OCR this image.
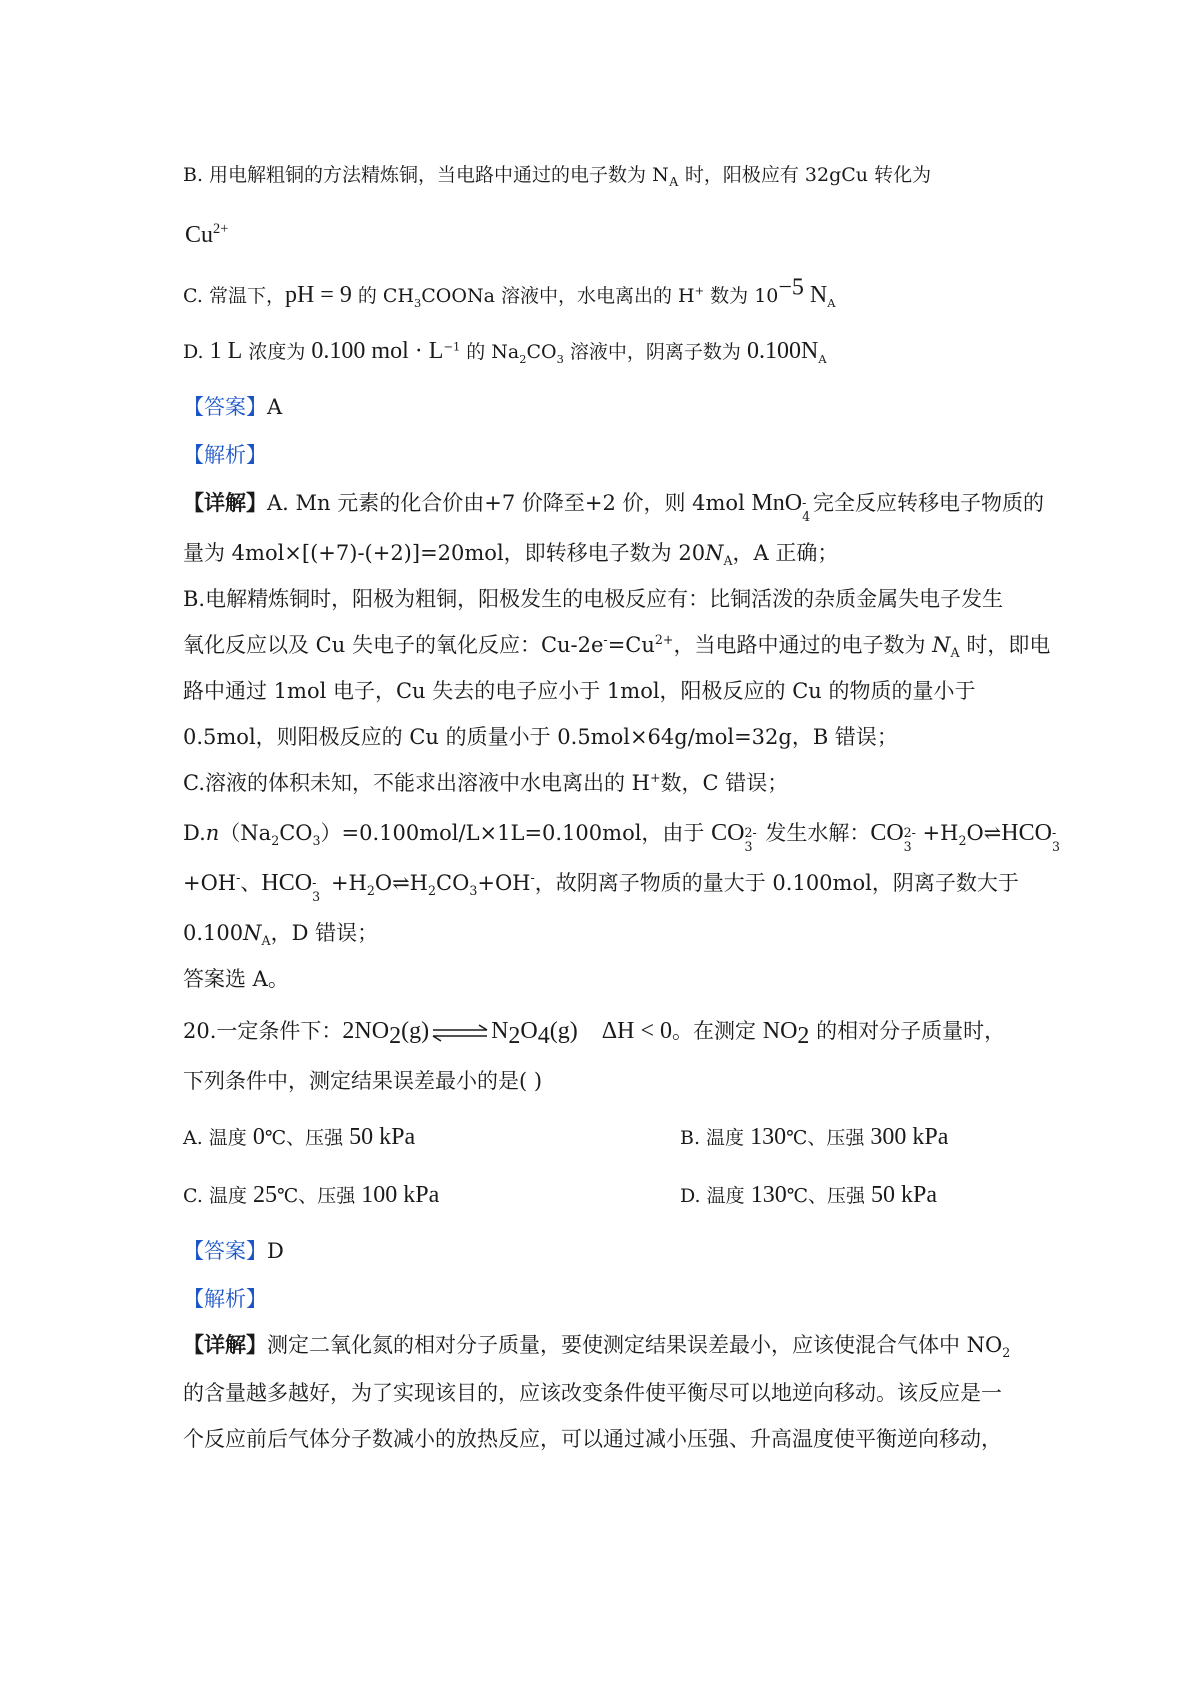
B. 用电解粗铜的方法精炼铜，当电路中通过的电子数为 $N_A$ 时，阳极应有 32gCu 转化为
$Cu^{2+}$
C. 常温下，pH = 9 的 $CH_3COONa$ 溶液中，水电离出的 H+ 数为 $10^{-5}$ $N_A$
D. 1 L 浓度为 0.100 mol · $L^{-1}$ 的 $Na_2CO_3$ 溶液中，阴离子数为 $0.100N_A$
【答案】A
【解析】
【详解】A. Mn 元素的化合价由+7 价降至+2 价，则 4mol MnO -
4
完全反应转移电子物质的
量为 4mol×[(+7)-(+2)]=20mol，即转移电子数为 $20N_A$，A 正确；
B.电解精炼铜时，阳极为粗铜，阳极发生的电极反应有：比铜活泼的杂质金属失电子发生
氧化反应以及 Cu 失电子的氧化反应：$Cu-2e^-=Cu^{2+}$，当电路中通过的电子数为 $N_A$ 时，即电
路中通过 1mol 电子，Cu 失去的电子应小于 1mol，阳极反应的 Cu 的物质的量小于
0.5mol，则阳极反应的 Cu 的质量小于 0.5mol×64g/mol=32g，B 错误；
C.溶液的体积未知，不能求出溶液中水电离出的 H+数，C 错误；
$D.n(Na_2CO_3)=0.100mol/L\times 1L=0.100mol$，由于 CO 2-
3
发生水解：CO 2-
3
$+H_2O\rightleftharpoons HCO$ -
3
+OH-、HCO -
3
$+H_2O\rightleftharpoons H_2CO_3+OH^-$，故阴离子物质的量大于 0.100mol，阴离子数大于
$0.100N_A$，D 错误；
答案选 A。
20.一定条件下：$2NO_2(g)$ ⇌ $N_2O_4(g) \Delta H < 0$。在测定 $NO_2$ 的相对分子质量时，
下列条件中，测定结果误差最小的是( )
A. 温度 0℃、压强 50 kPa	B. 温度 130℃、压强 300 kPa
C. 温度 25℃、压强 100 kPa	D. 温度 130℃、压强 50 kPa
【答案】D
【解析】
【详解】测定二氧化氮的相对分子质量，要使测定结果误差最小，应该使混合气体中 $NO_2$
的含量越多越好，为了实现该目的，应该改变条件使平衡尽可以地逆向移动。该反应是一
个反应前后气体分子数减小的放热反应，可以通过减小压强、升高温度使平衡逆向移动，
